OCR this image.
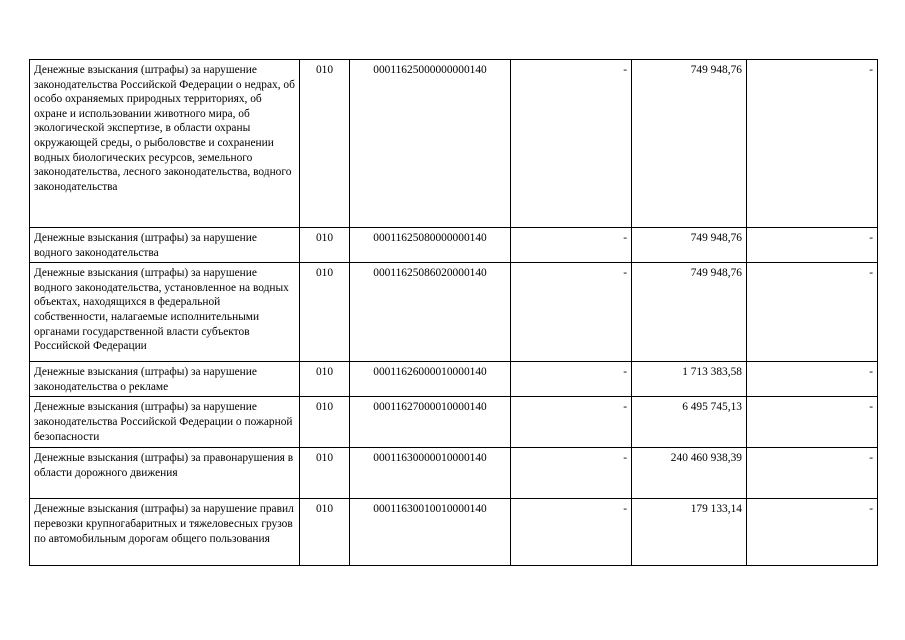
Денежные взыскания (штрафы) за нарушение законодательства Российской Федерации о недрах, об особо охраняемых природных территориях, об охране и использовании животного мира, об экологической экспертизе, в области охраны окружающей среды, о рыболовстве и сохранении водных биологических ресурсов, земельного законодательства, лесного законодательства, водного законодательства	010	00011625000000000140	-	749 948,76	-
Денежные взыскания (штрафы) за нарушение водного законодательства	010	00011625080000000140	-	749 948,76	-
Денежные взыскания (штрафы) за нарушение водного законодательства, установленное на водных объектах, находящихся в федеральной собственности, налагаемые исполнительными органами государственной власти субъектов Российской Федерации	010	00011625086020000140	-	749 948,76	-
Денежные взыскания (штрафы) за нарушение законодательства о рекламе	010	00011626000010000140	-	1 713 383,58	-
Денежные взыскания (штрафы) за нарушение законодательства Российской Федерации о пожарной безопасности	010	00011627000010000140	-	6 495 745,13	-
Денежные взыскания (штрафы) за правонарушения в области дорожного движения	010	00011630000010000140	-	240 460 938,39	-
Денежные взыскания (штрафы) за нарушение правил перевозки крупногабаритных и тяжеловесных грузов по автомобильным дорогам общего пользования	010	00011630010010000140	-	179 133,14	-
